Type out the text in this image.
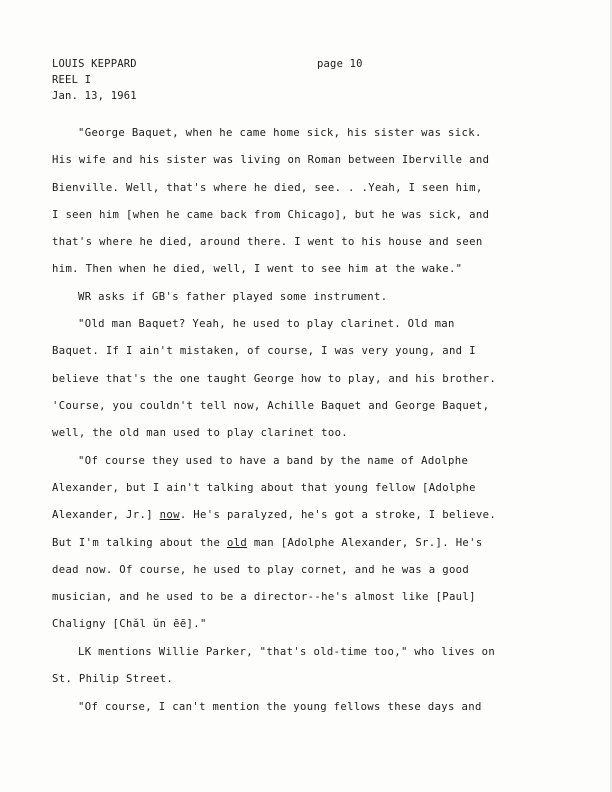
LOUIS KEPPARD
REEL I
Jan. 13, 1961
page 10
"George Baquet, when he came home sick, his sister was sick.
His wife and his sister was living on Roman between Iberville and
Bienville. Well, that's where he died, see. . .Yeah, I seen him,
I seen him [when he came back from Chicago], but he was sick, and
that's where he died, around there. I went to his house and seen
him. Then when he died, well, I went to see him at the wake."
WR asks if GB's father played some instrument.
"Old man Baquet? Yeah, he used to play clarinet. Old man
Baquet. If I ain't mistaken, of course, I was very young, and I
believe that's the one taught George how to play, and his brother.
'Course, you couldn't tell now, Achille Baquet and George Baquet,
well, the old man used to play clarinet too.
"Of course they used to have a band by the name of Adolphe
Alexander, but I ain't talking about that young fellow [Adolphe
Alexander, Jr.] now. He's paralyzed, he's got a stroke, I believe.
But I'm talking about the old man [Adolphe Alexander, Sr.]. He's
dead now. Of course, he used to play cornet, and he was a good
musician, and he used to be a director--he's almost like [Paul]
Chaligny [Chăl ŭn ēē]."
LK mentions Willie Parker, "that's old-time too," who lives on
St. Philip Street.
"Of course, I can't mention the young fellows these days and
